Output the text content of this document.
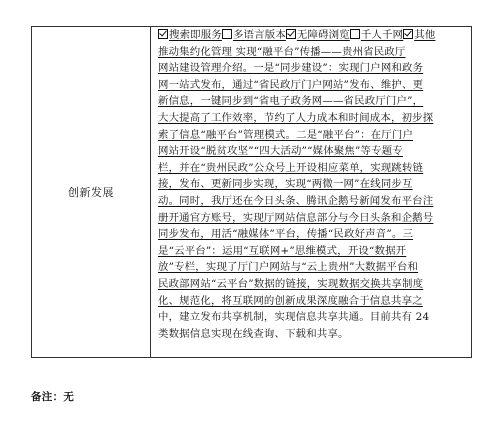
创新发展	
搜索即服务 多语言版本 无障碍浏览 千人千网 其他
推动集约化管理 实现“融平台”传播——贵州省民政厅
网站建设管理介绍。一是“同步建设”：实现门户网和政务
网一站式发布，通过“省民政厅门户网站”发布、维护、更
新信息，一键同步到“省电子政务网——省民政厅门户”，
大大提高了工作效率，节约了人力成本和时间成本，初步探
索了信息“融平台”管理模式。二是“融平台”：在厅门户
网站开设“脱贫攻坚”“四大活动”“媒体聚焦”等专题专
栏，并在“贵州民政”公众号上开设相应菜单，实现跳转链
接，发布、更新同步实现，实现“两微一网”在线同步互
动。同时，我厅还在今日头条、腾讯企鹅号新闻发布平台注
册开通官方账号，实现厅网站信息部分与今日头条和企鹅号
同步发布，用活“融媒体”平台，传播“民政好声音”。三
是“云平台”：运用“互联网+”思维模式，开设“数据开
放”专栏，实现了厅门户网站与“云上贵州”大数据平台和
民政部网站“云平台”数据的链接，实现数据交换共享制度
化、规范化，将互联网的创新成果深度融合于信息共享之
中，建立发布共享机制，实现信息共享共通。目前共有 24
类数据信息实现在线查询、下载和共享。
备注：无
